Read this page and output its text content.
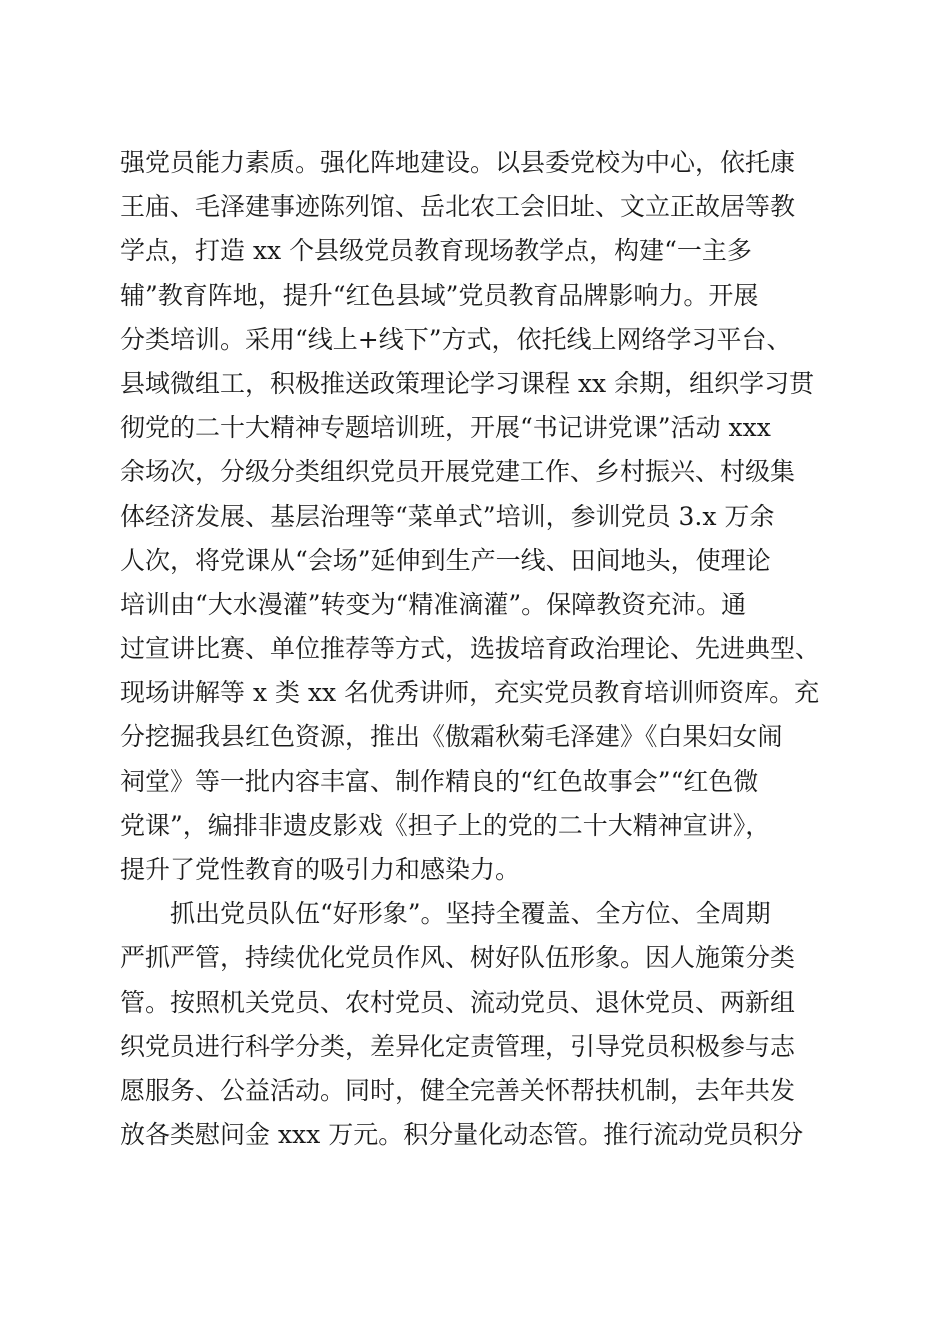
强党员能力素质。强化阵地建设。以县委党校为中心，依托康
王庙、毛泽建事迹陈列馆、岳北农工会旧址、文立正故居等教
学点，打造 xx 个县级党员教育现场教学点，构建“一主多
辅”教育阵地，提升“红色县域”党员教育品牌影响力。开展
分类培训。采用“线上+线下”方式，依托线上网络学习平台、
县域微组工，积极推送政策理论学习课程 xx 余期，组织学习贯
彻党的二十大精神专题培训班，开展“书记讲党课”活动 xxx
余场次，分级分类组织党员开展党建工作、乡村振兴、村级集
体经济发展、基层治理等“菜单式”培训，参训党员 3.x 万余
人次，将党课从“会场”延伸到生产一线、田间地头，使理论
培训由“大水漫灌”转变为“精准滴灌”。保障教资充沛。通
过宣讲比赛、单位推荐等方式，选拔培育政治理论、先进典型、
现场讲解等 x 类 xx 名优秀讲师，充实党员教育培训师资库。充
分挖掘我县红色资源，推出《傲霜秋菊毛泽建》《白果妇女闹
祠堂》等一批内容丰富、制作精良的“红色故事会”“红色微
党课”，编排非遗皮影戏《担子上的党的二十大精神宣讲》，
提升了党性教育的吸引力和感染力。
抓出党员队伍“好形象”。坚持全覆盖、全方位、全周期
严抓严管，持续优化党员作风、树好队伍形象。因人施策分类
管。按照机关党员、农村党员、流动党员、退休党员、两新组
织党员进行科学分类，差异化定责管理，引导党员积极参与志
愿服务、公益活动。同时，健全完善关怀帮扶机制，去年共发
放各类慰问金 xxx 万元。积分量化动态管。推行流动党员积分
